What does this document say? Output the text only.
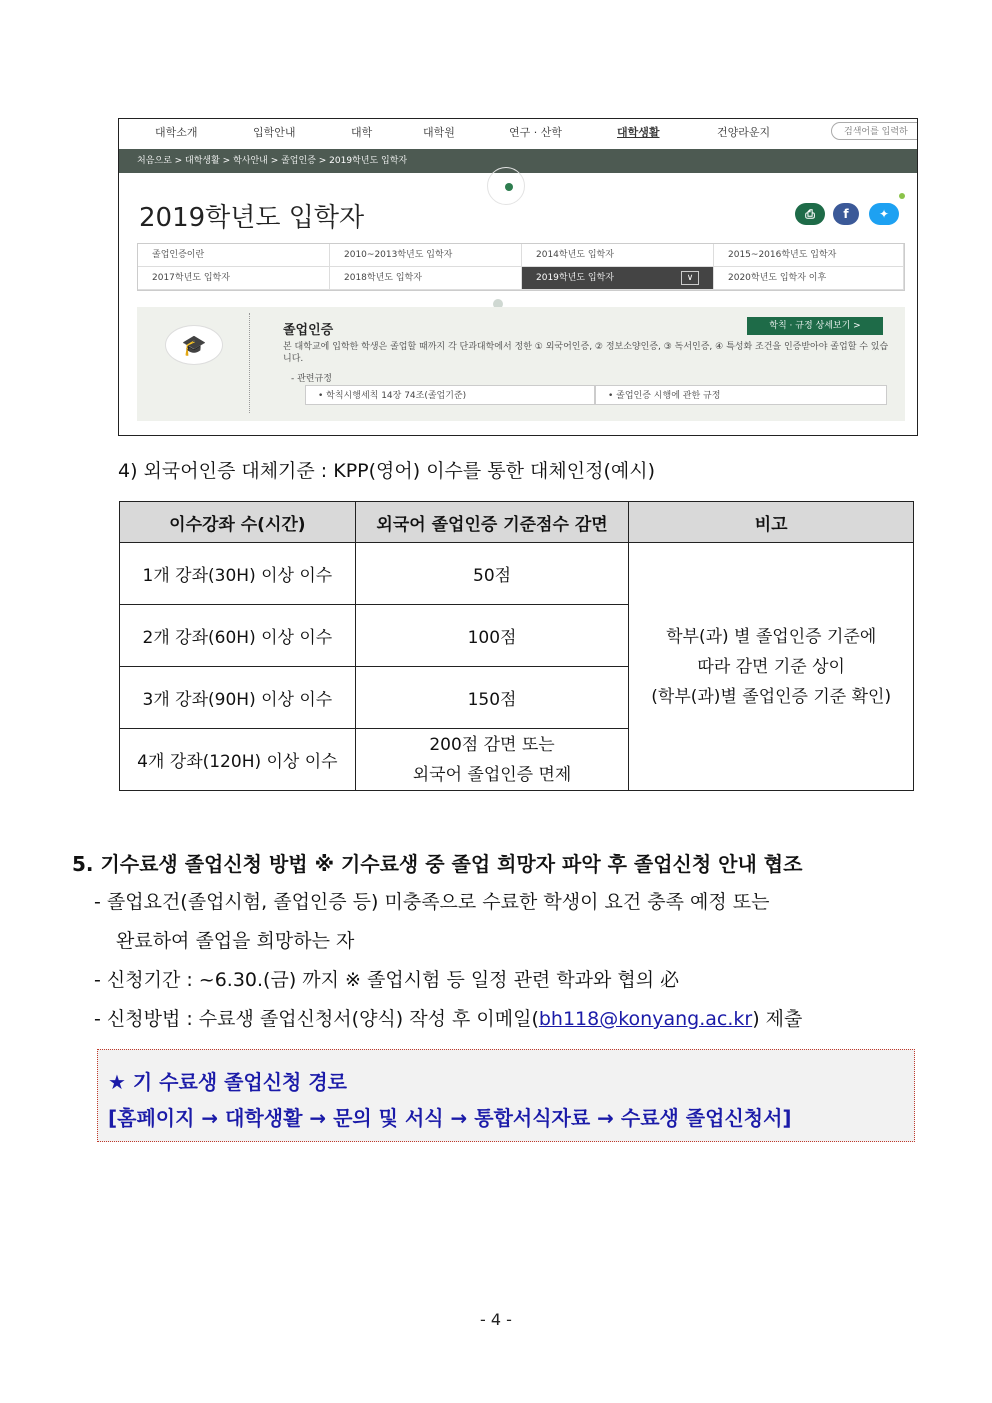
대학소개	입학안내	대학	대학원	연구 · 산학	대학생활	건양라운지	검색어를 입력하
처음으로 > 대학생활 > 학사안내 > 졸업인증 > 2019학년도 입학자
2019학년도 입학자	⎙	f	✦
졸업인증이란	2010~2013학년도 입학자	2014학년도 입학자	2015~2016학년도 입학자
2017학년도 입학자	2018학년도 입학자	2019학년도 입학자	∨	2020학년도 입학자 이후
🎓
졸업인증	학칙 · 규정 상세보기 >
본 대학교에 입학한 학생은 졸업할 때까지 각 단과대학에서 정한 ① 외국어인증, ② 정보소양인증, ③ 독서인증, ④ 특성화 조건을 인증받아야 졸업할 수 있습니다.
- 관련규정
• 학칙시행세칙 14장 74조(졸업기준)	• 졸업인증 시행에 관한 규정
4) 외국어인증 대체기준 : KPP(영어) 이수를 통한 대체인정(예시)
이수강좌 수(시간)	외국어 졸업인증 기준점수 감면	비고
1개 강좌(30H) 이상 이수	50점	학부(과) 별 졸업인증 기준에
따라 감면 기준 상이
(학부(과)별 졸업인증 기준 확인)

2개 강좌(60H) 이상 이수	100점	
3개 강좌(90H) 이상 이수	150점	
4개 강좌(120H) 이상 이수	200점 감면 또는
외국어 졸업인증 면제	
5. 기수료생 졸업신청 방법 ※ 기수료생 중 졸업 희망자 파악 후 졸업신청 안내 협조
- 졸업요건(졸업시험, 졸업인증 등) 미충족으로 수료한 학생이 요건 충족 예정 또는
완료하여 졸업을 희망하는 자
- 신청기간 : ~6.30.(금) 까지 ※ 졸업시험 등 일정 관련 학과와 협의 必
- 신청방법 : 수료생 졸업신청서(양식) 작성 후 이메일(bh118@konyang.ac.kr) 제출
★ 기 수료생 졸업신청 경로
[홈페이지 → 대학생활 → 문의 및 서식 → 통합서식자료 → 수료생 졸업신청서]
- 4 -
